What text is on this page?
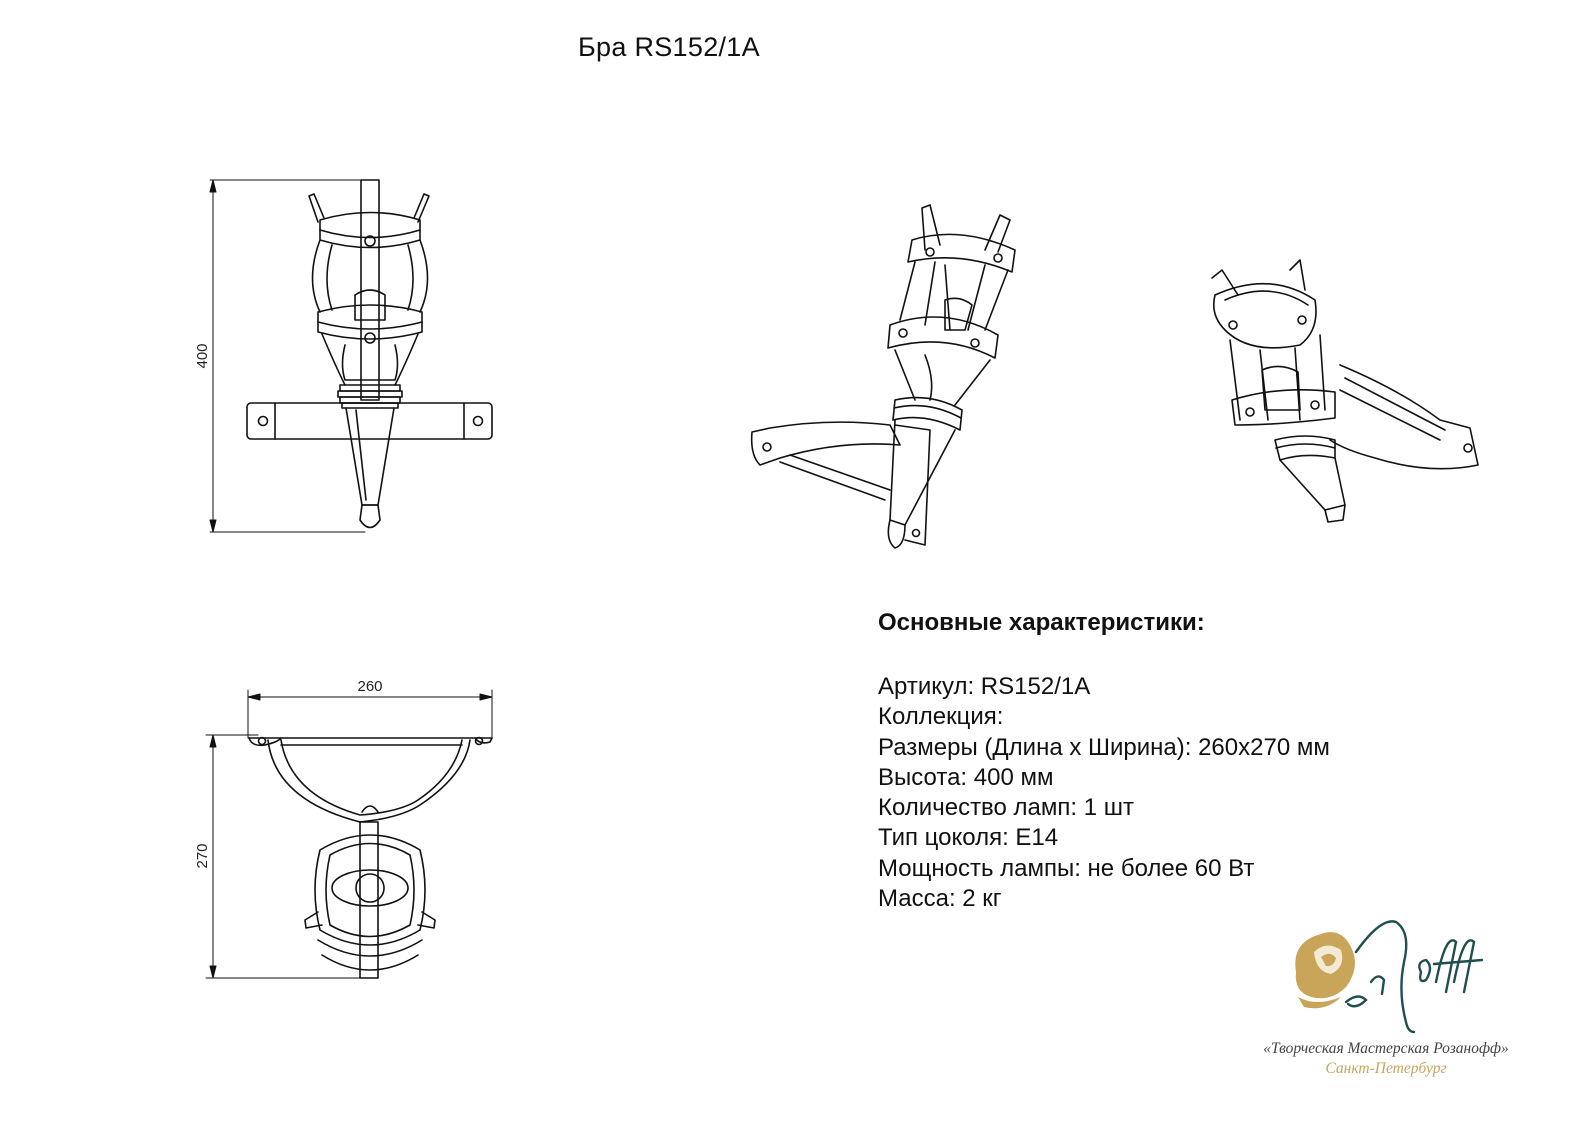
Бра RS152/1A
400
260
270
Основные характеристики:
Артикул: RS152/1A
Коллекция:
Размеры (Длина х Ширина): 260x270 мм
Высота: 400 мм
Количество ламп: 1 шт
Тип цоколя: E14
Мощность лампы: не более 60 Вт
Масса: 2 кг
«Творческая Мастерская Розанофф»
Санкт-Петербург
